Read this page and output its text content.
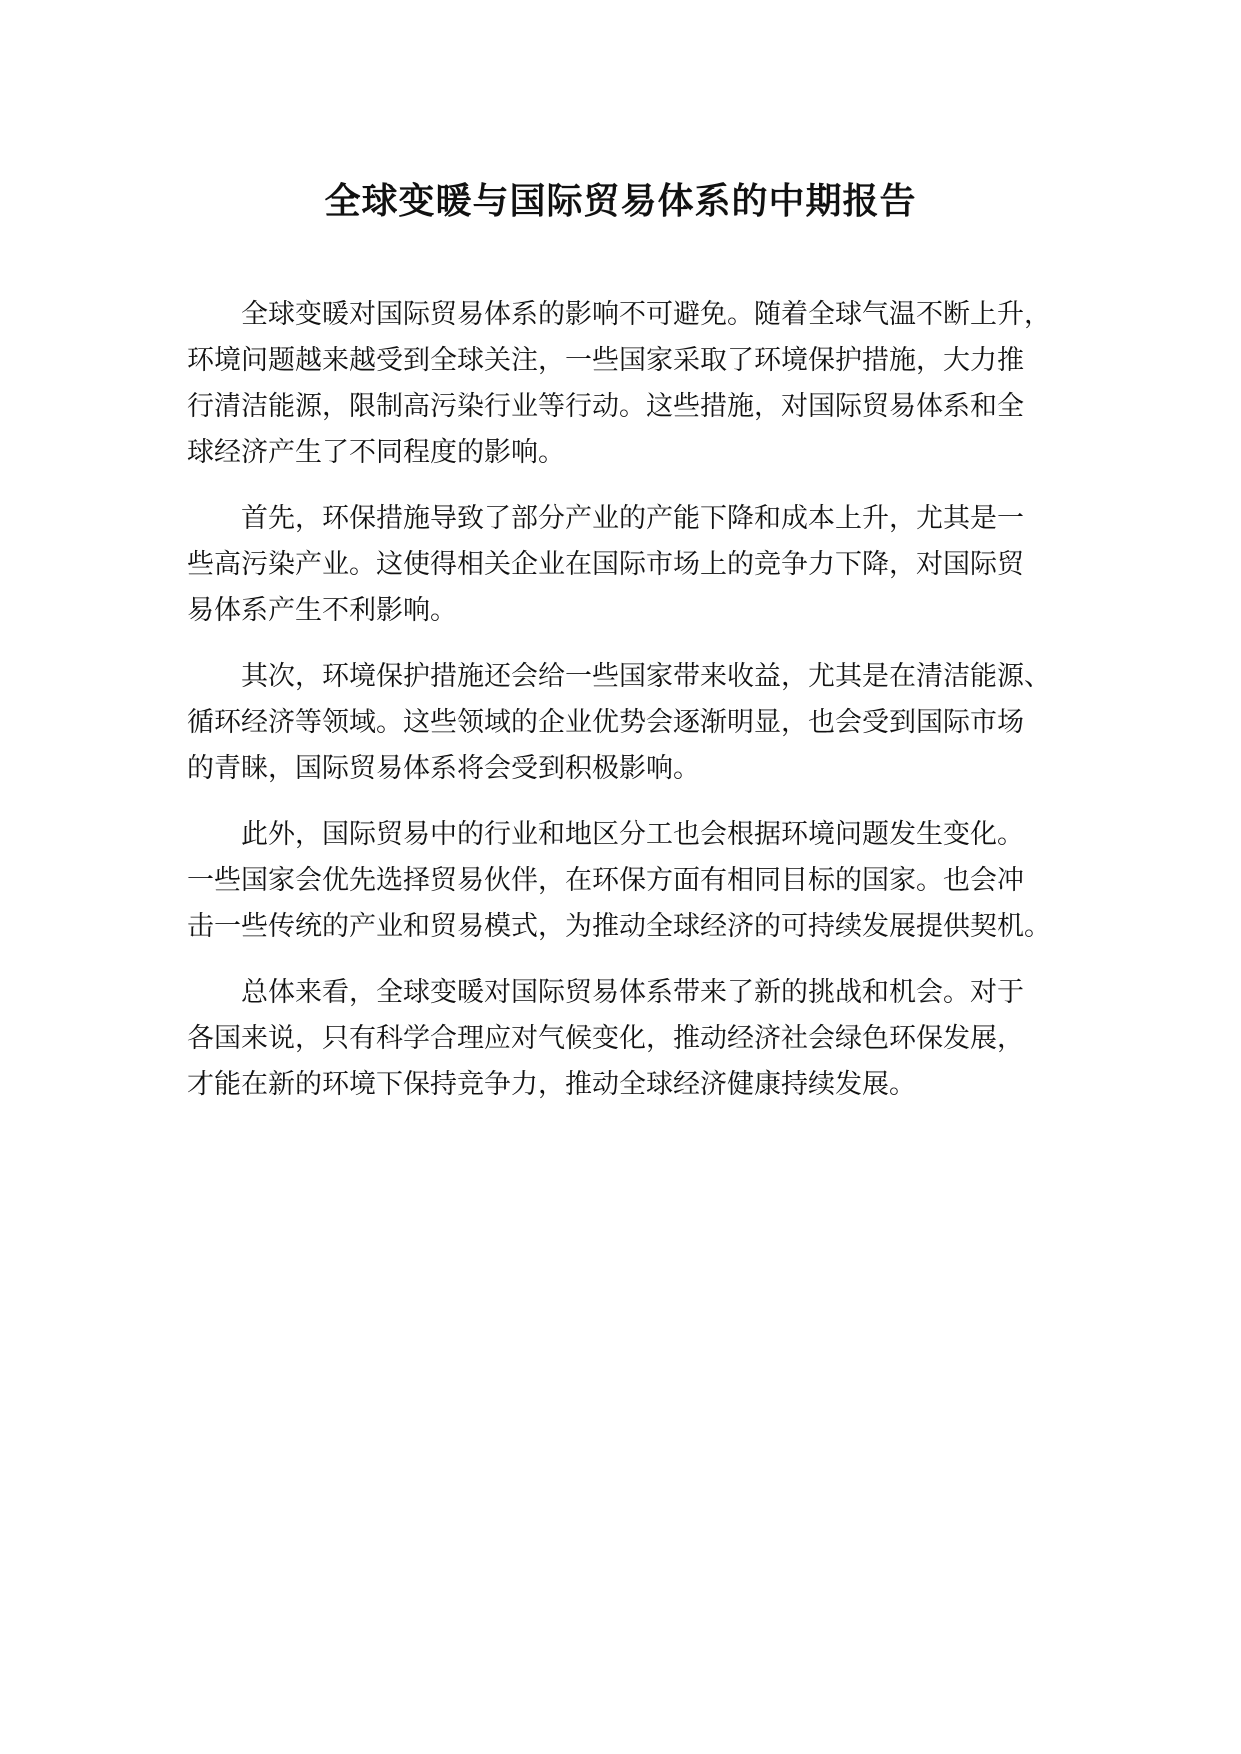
全球变暖与国际贸易体系的中期报告
全球变暖对国际贸易体系的影响不可避免。随着全球气温不断上升，
环境问题越来越受到全球关注，一些国家采取了环境保护措施，大力推
行清洁能源，限制高污染行业等行动。这些措施，对国际贸易体系和全
球经济产生了不同程度的影响。
首先，环保措施导致了部分产业的产能下降和成本上升，尤其是一
些高污染产业。这使得相关企业在国际市场上的竞争力下降，对国际贸
易体系产生不利影响。
其次，环境保护措施还会给一些国家带来收益，尤其是在清洁能源、
循环经济等领域。这些领域的企业优势会逐渐明显，也会受到国际市场
的青睐，国际贸易体系将会受到积极影响。
此外，国际贸易中的行业和地区分工也会根据环境问题发生变化。
一些国家会优先选择贸易伙伴，在环保方面有相同目标的国家。也会冲
击一些传统的产业和贸易模式，为推动全球经济的可持续发展提供契机。
总体来看，全球变暖对国际贸易体系带来了新的挑战和机会。对于
各国来说，只有科学合理应对气候变化，推动经济社会绿色环保发展，
才能在新的环境下保持竞争力，推动全球经济健康持续发展。
